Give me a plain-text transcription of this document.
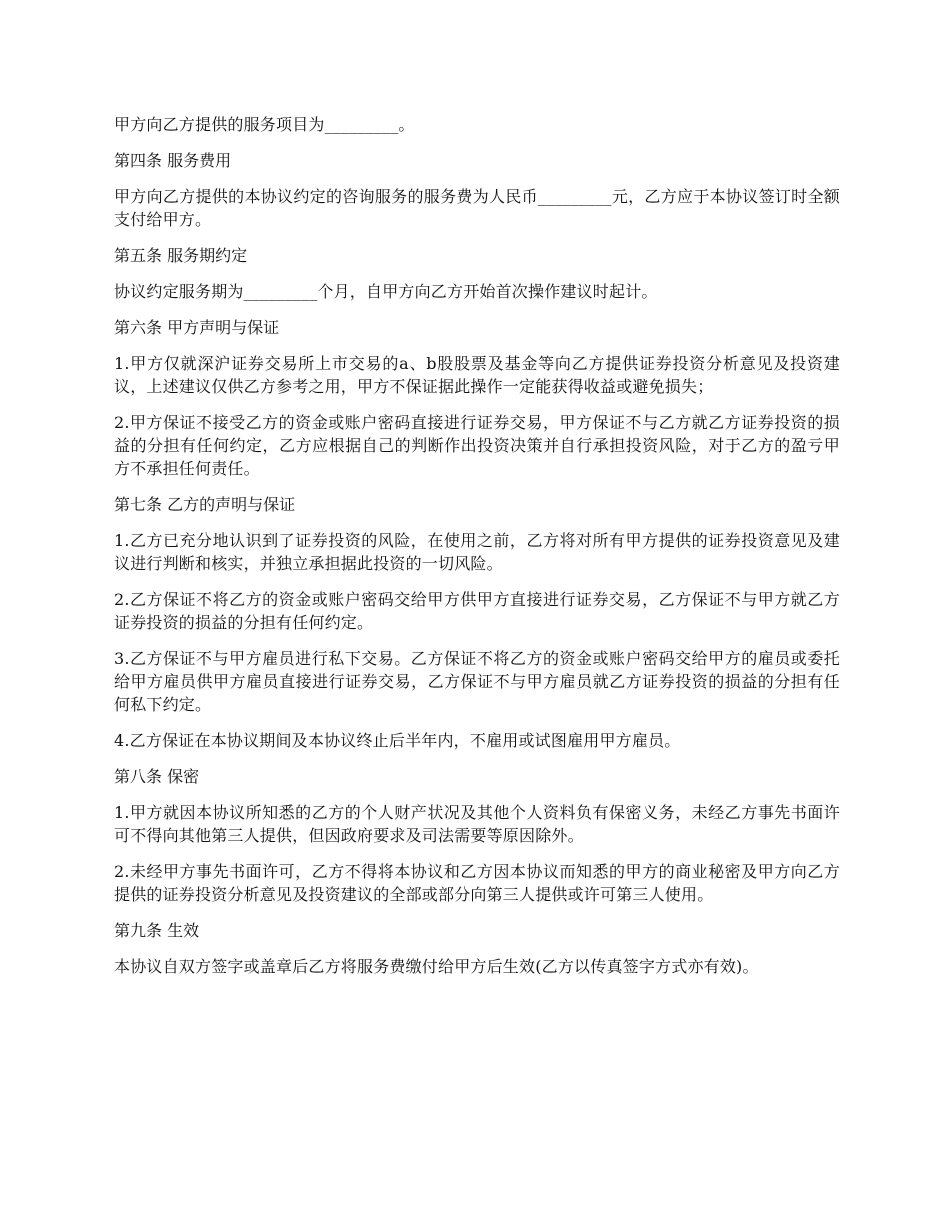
甲方向乙方提供的服务项目为_________。

第四条 服务费用

甲方向乙方提供的本协议约定的咨询服务的服务费为人民币_________元，乙方应于本协议签订时全额支付给甲方。

第五条 服务期约定

协议约定服务期为_________个月，自甲方向乙方开始首次操作建议时起计。

第六条 甲方声明与保证

1.甲方仅就深沪证券交易所上市交易的a、b股股票及基金等向乙方提供证券投资分析意见及投资建议，上述建议仅供乙方参考之用，甲方不保证据此操作一定能获得收益或避免损失；

2.甲方保证不接受乙方的资金或账户密码直接进行证券交易，甲方保证不与乙方就乙方证券投资的损益的分担有任何约定，乙方应根据自己的判断作出投资决策并自行承担投资风险，对于乙方的盈亏甲方不承担任何责任。

第七条 乙方的声明与保证

1.乙方已充分地认识到了证券投资的风险，在使用之前，乙方将对所有甲方提供的证券投资意见及建议进行判断和核实，并独立承担据此投资的一切风险。

2.乙方保证不将乙方的资金或账户密码交给甲方供甲方直接进行证券交易，乙方保证不与甲方就乙方证券投资的损益的分担有任何约定。

3.乙方保证不与甲方雇员进行私下交易。乙方保证不将乙方的资金或账户密码交给甲方的雇员或委托给甲方雇员供甲方雇员直接进行证券交易，乙方保证不与甲方雇员就乙方证券投资的损益的分担有任何私下约定。

4.乙方保证在本协议期间及本协议终止后半年内，不雇用或试图雇用甲方雇员。

第八条 保密

1.甲方就因本协议所知悉的乙方的个人财产状况及其他个人资料负有保密义务，未经乙方事先书面许可不得向其他第三人提供，但因政府要求及司法需要等原因除外。

2.未经甲方事先书面许可，乙方不得将本协议和乙方因本协议而知悉的甲方的商业秘密及甲方向乙方提供的证券投资分析意见及投资建议的全部或部分向第三人提供或许可第三人使用。

第九条 生效

本协议自双方签字或盖章后乙方将服务费缴付给甲方后生效(乙方以传真签字方式亦有效)。
